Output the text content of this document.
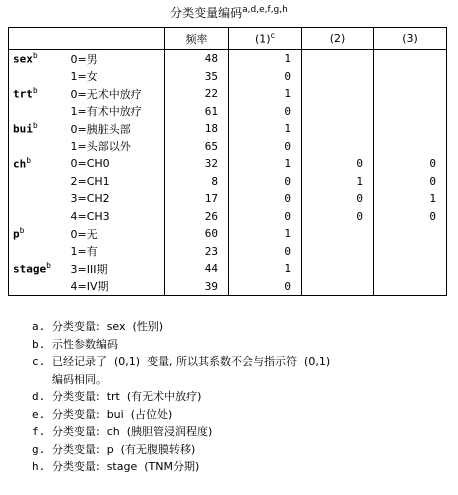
分类变量编码$^{a,d,e,f,g,h}$
		频率	$(1)^c$	(2)	(3)
sex$^b$	0=男	48	1		
	1=女	35	0		
trt$^b$	0=无术中放疗	22	1		
	1=有术中放疗	61	0		
bui$^b$	0=胰脏头部	18	1		
	1=头部以外	65	0		
$ch^b$	0=CH0	32	1	0	0
	2=CH1	8	0	1	0
	3=CH2	17	0	0	1
	4=CH3	26	0	0	0
$p^b$	0=无	60	1		
	1=有	23	0		
stage$^b$	3=III期	44	1		
	4=IV期	39	0		
a. 分类变量:  sex  (性别)
b. 示性参数编码
c. 已经记录了  (0,1)  变量, 所以其系数不会与指示符  (0,1)
编码相同。
d. 分类变量:  trt  (有无术中放疗)
e. 分类变量:  bui  (占位处)
f. 分类变量:  ch  (胰胆管浸润程度)
g. 分类变量:  p  (有无腹膜转移)
h. 分类变量:  stage  (TNM分期)
